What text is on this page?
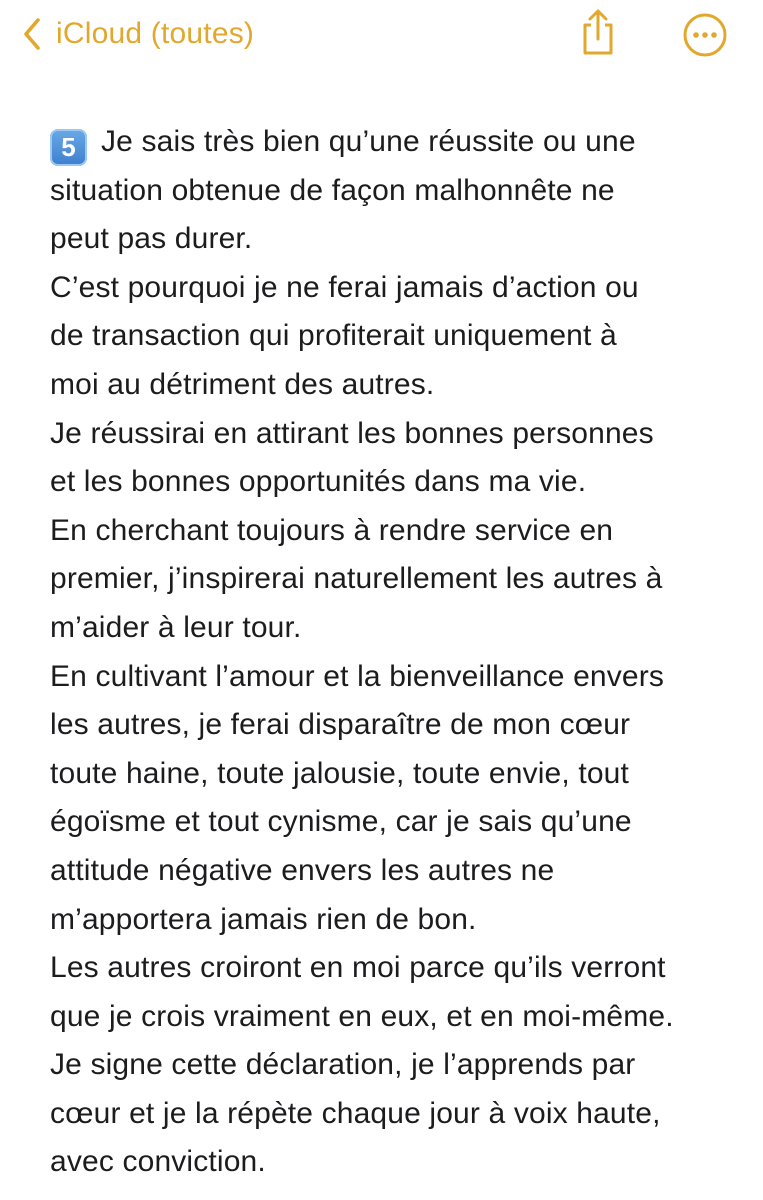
iCloud (toutes)
5 Je sais très bien qu’une réussite ou une
situation obtenue de façon malhonnête ne
peut pas durer.
C’est pourquoi je ne ferai jamais d’action ou
de transaction qui profiterait uniquement à
moi au détriment des autres.
Je réussirai en attirant les bonnes personnes
et les bonnes opportunités dans ma vie.
En cherchant toujours à rendre service en
premier, j’inspirerai naturellement les autres à
m’aider à leur tour.
En cultivant l’amour et la bienveillance envers
les autres, je ferai disparaître de mon cœur
toute haine, toute jalousie, toute envie, tout
égoïsme et tout cynisme, car je sais qu’une
attitude négative envers les autres ne
m’apportera jamais rien de bon.
Les autres croiront en moi parce qu’ils verront
que je crois vraiment en eux, et en moi-même.
Je signe cette déclaration, je l’apprends par
cœur et je la répète chaque jour à voix haute,
avec conviction.
